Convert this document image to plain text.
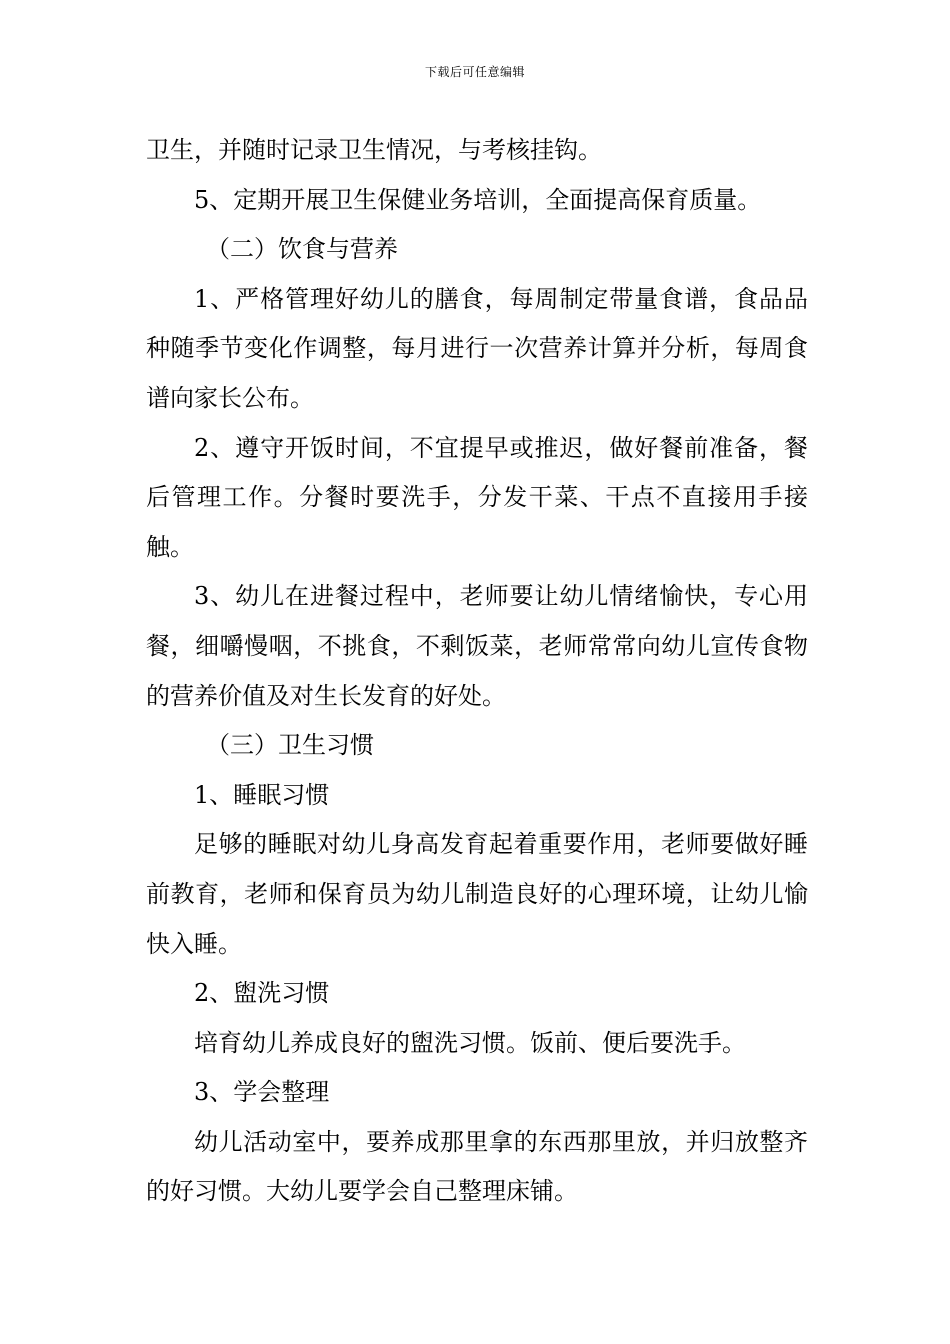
下载后可任意编辑

卫生，并随时记录卫生情况，与考核挂钩。

5、定期开展卫生保健业务培训，全面提高保育质量。

（二）饮食与营养

1、严格管理好幼儿的膳食，每周制定带量食谱，食品品种随季节变化作调整，每月进行一次营养计算并分析，每周食谱向家长公布。

2、遵守开饭时间，不宜提早或推迟，做好餐前准备，餐后管理工作。分餐时要洗手，分发干菜、干点不直接用手接触。

3、幼儿在进餐过程中，老师要让幼儿情绪愉快，专心用餐，细嚼慢咽，不挑食，不剩饭菜，老师常常向幼儿宣传食物的营养价值及对生长发育的好处。

（三）卫生习惯

1、睡眠习惯

足够的睡眠对幼儿身高发育起着重要作用，老师要做好睡前教育，老师和保育员为幼儿制造良好的心理环境，让幼儿愉快入睡。

2、盥洗习惯

培育幼儿养成良好的盥洗习惯。饭前、便后要洗手。

3、学会整理

幼儿活动室中，要养成那里拿的东西那里放，并归放整齐的好习惯。大幼儿要学会自己整理床铺。
